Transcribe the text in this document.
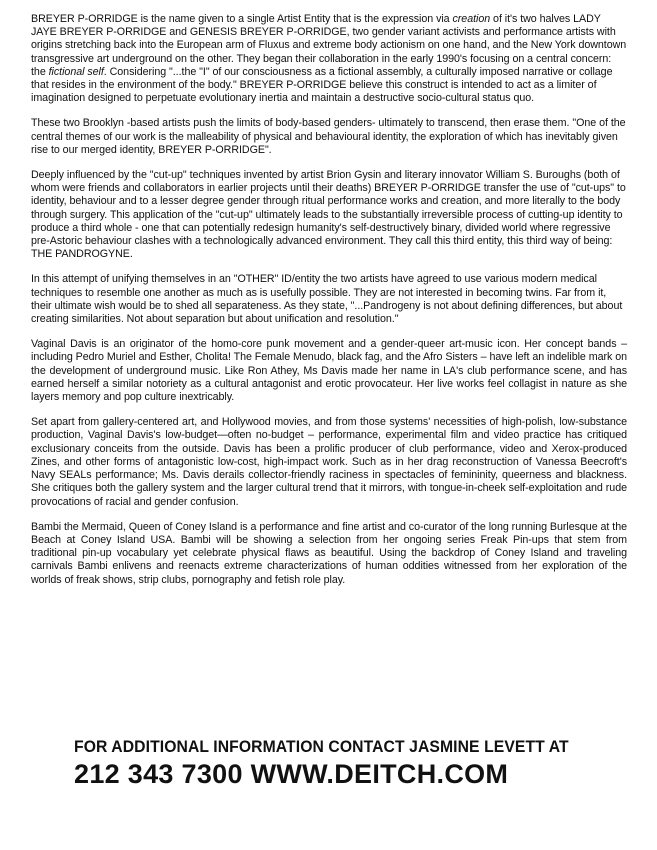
BREYER P-ORRIDGE is the name given to a single Artist Entity that is the expression via creation of it's two halves LADY JAYE BREYER P-ORRIDGE and GENESIS BREYER P-ORRIDGE, two gender variant activists and performance artists with origins stretching back into the European arm of Fluxus and extreme body actionism on one hand, and the New York downtown transgressive art underground on the other. They began their collaboration in the early 1990's focusing on a central concern: the fictional self. Considering "...the "I" of our consciousness as a fictional assembly, a culturally imposed narrative or collage that resides in the environment of the body." BREYER P-ORRIDGE believe this construct is intended to act as a limiter of imagination designed to perpetuate evolutionary inertia and maintain a destructive socio-cultural status quo.

These two Brooklyn -based artists push the limits of body-based genders- ultimately to transcend, then erase them. "One of the central themes of our work is the malleability of physical and behavioural identity, the exploration of which has inevitably given rise to our merged identity, BREYER P-ORRIDGE".

Deeply influenced by the "cut-up" techniques invented by artist Brion Gysin and literary innovator William S. Buroughs (both of whom were friends and collaborators in earlier projects until their deaths) BREYER P-ORRIDGE transfer the use of "cut-ups" to identity, behaviour and to a lesser degree gender through ritual performance works and creation, and more literally to the body through surgery. This application of the "cut-up" ultimately leads to the substantially irreversible process of cutting-up identity to produce a third whole - one that can potentially redesign humanity's self-destructively binary, divided world where regressive pre-Astoric behaviour clashes with a technologically advanced environment. They call this third entity, this third way of being: THE PANDROGYNE.

In this attempt of unifying themselves in an "OTHER" ID/entity the two artists have agreed to use various modern medical techniques to resemble one another as much as is usefully possible. They are not interested in becoming twins. Far from it, their ultimate wish would be to shed all separateness. As they state, "...Pandrogeny is not about defining differences, but about creating similarities. Not about separation but about unification and resolution."

Vaginal Davis is an originator of the homo-core punk movement and a gender-queer art-music icon. Her concept bands – including Pedro Muriel and Esther, Cholita! The Female Menudo, black fag, and the Afro Sisters – have left an indelible mark on the development of underground music. Like Ron Athey, Ms Davis made her name in LA's club performance scene, and has earned herself a similar notoriety as a cultural antagonist and erotic provocateur. Her live works feel collagist in nature as she layers memory and pop culture inextricably.

Set apart from gallery-centered art, and Hollywood movies, and from those systems' necessities of high-polish, low-substance production, Vaginal Davis's low-budget—often no-budget – performance, experimental film and video practice has critiqued exclusionary conceits from the outside. Davis has been a prolific producer of club performance, video and Xerox-produced Zines, and other forms of antagonistic low-cost, high-impact work. Such as in her drag reconstruction of Vanessa Beecroft's Navy SEALs performance; Ms. Davis derails collector-friendly raciness in spectacles of femininity, queerness and blackness. She critiques both the gallery system and the larger cultural trend that it mirrors, with tongue-in-cheek self-exploitation and rude provocations of racial and gender confusion.

Bambi the Mermaid, Queen of Coney Island is a performance and fine artist and co-curator of the long running Burlesque at the Beach at Coney Island USA. Bambi will be showing a selection from her ongoing series Freak Pin-ups that stem from traditional pin-up vocabulary yet celebrate physical flaws as beautiful. Using the backdrop of Coney Island and traveling carnivals Bambi enlivens and reenacts extreme characterizations of human oddities witnessed from her exploration of the worlds of freak shows, strip clubs, pornography and fetish role play.

FOR ADDITIONAL INFORMATION CONTACT JASMINE LEVETT AT
212 343 7300 WWW.DEITCH.COM
